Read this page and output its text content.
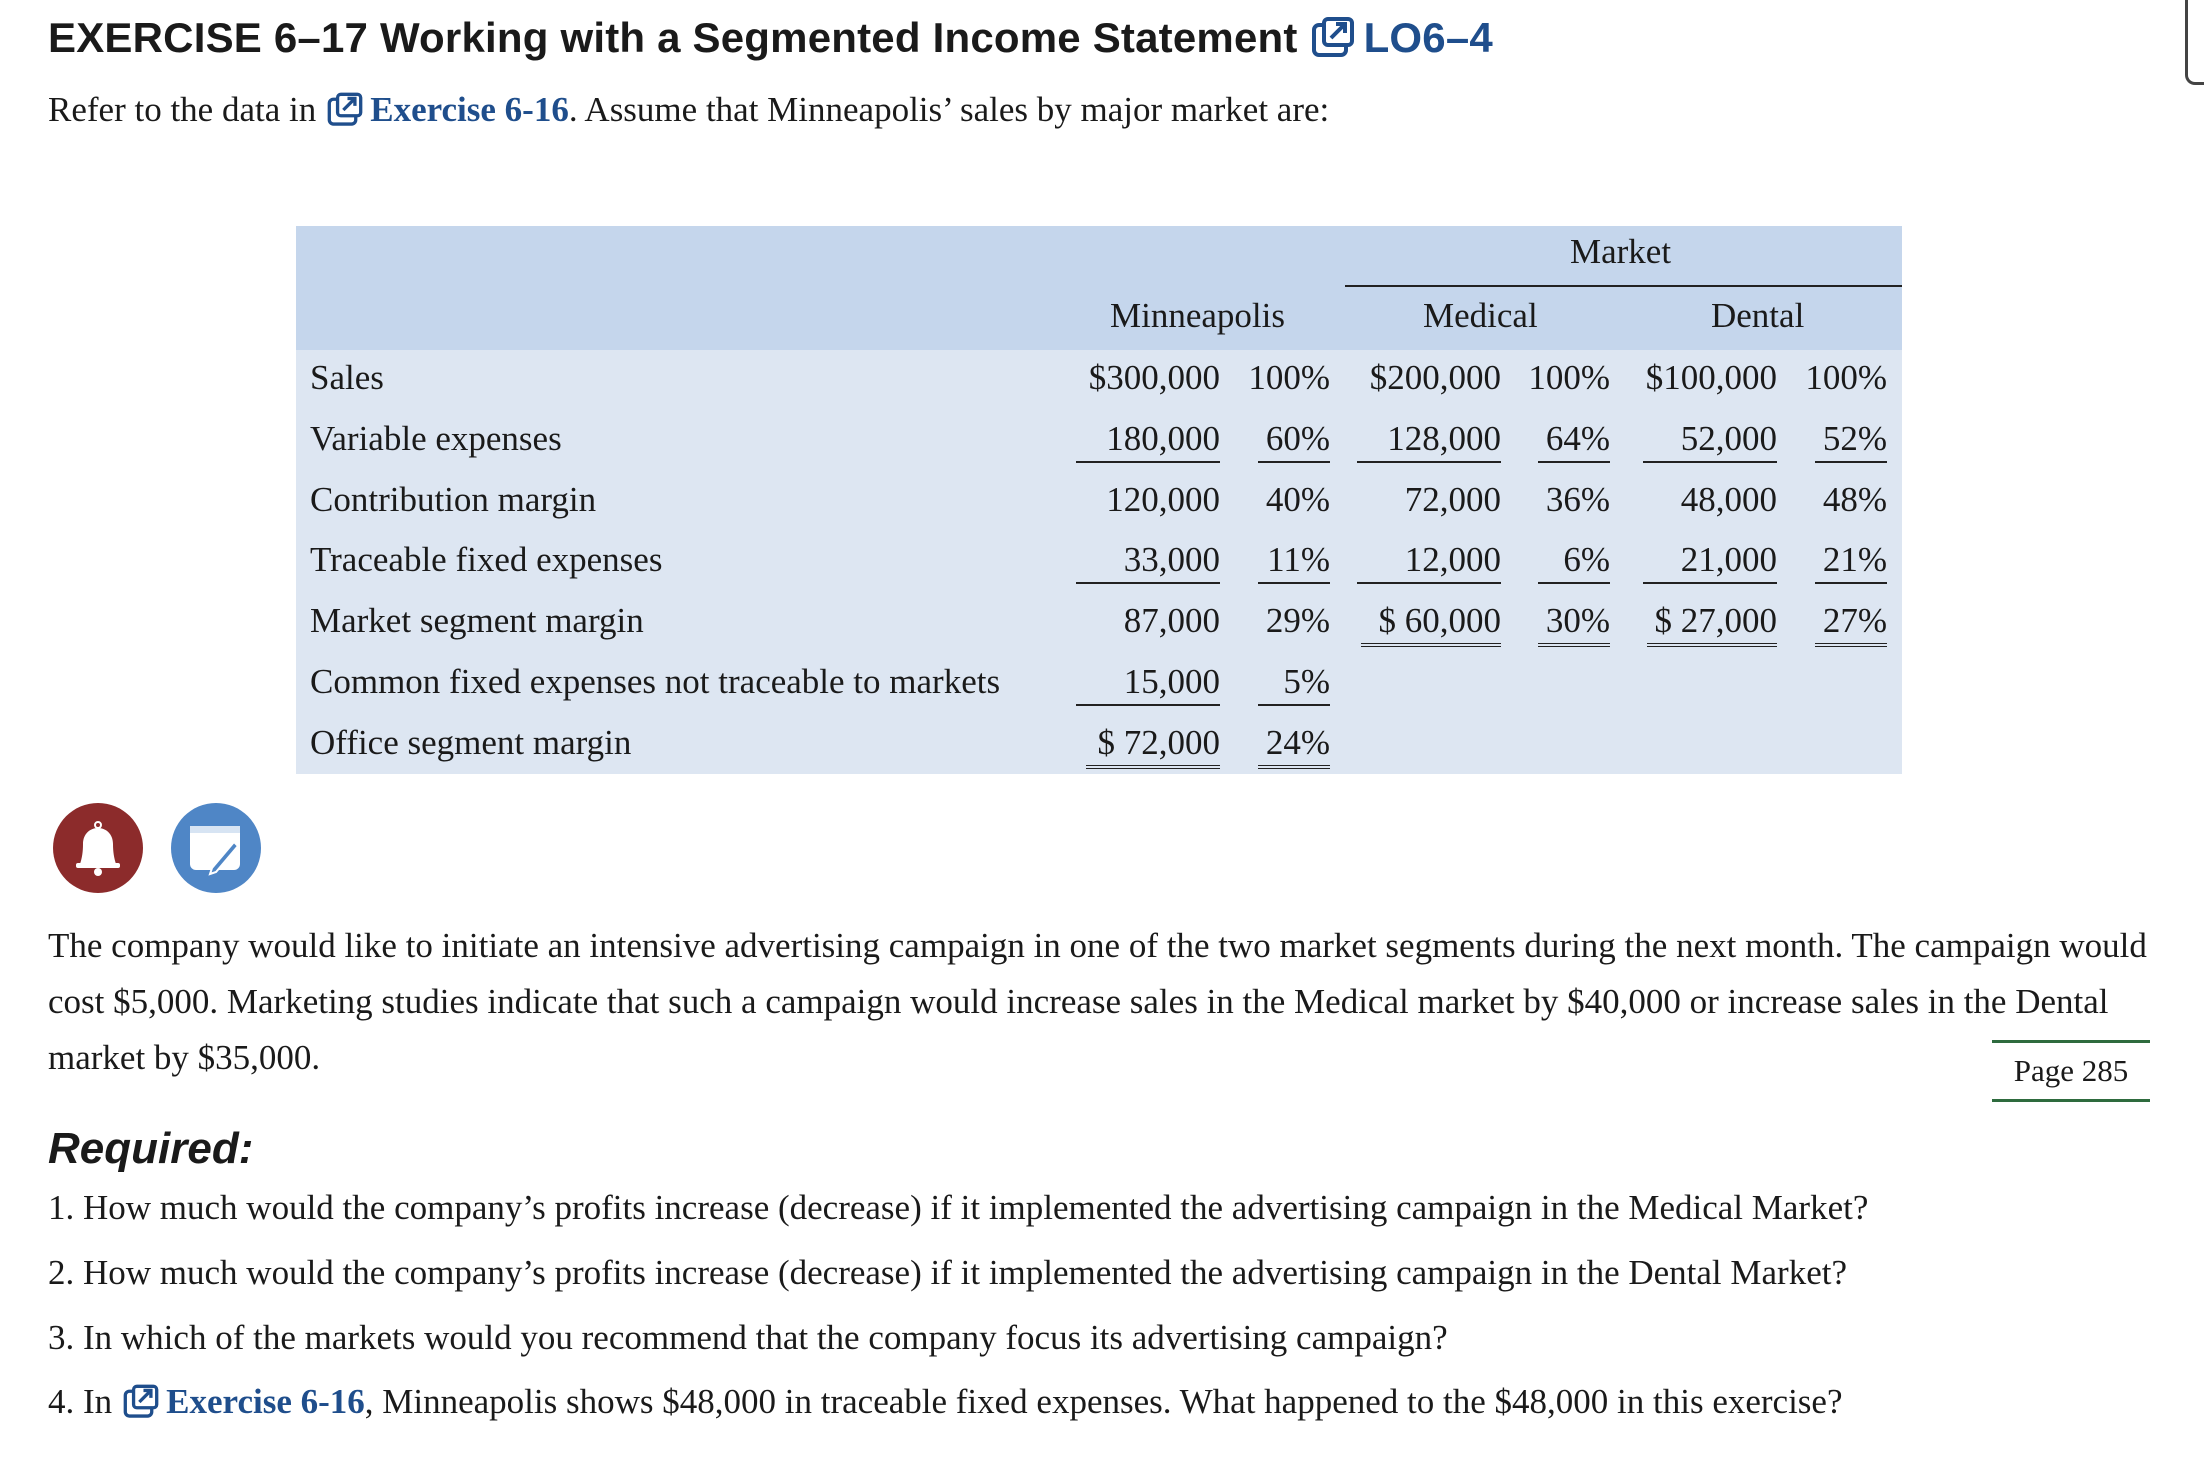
EXERCISE 6–17 Working with a Segmented Income Statement LO6–4
Refer to the data in Exercise 6-16 . Assume that Minneapolis’ sales by major market are:
Market
Minneapolis	Medical	Dental
Sales	$300,000 100% $200,000 100% $100,000 100%
Variable expenses	180,000 60%	128,000 64%	52,000 52%
Contribution margin	120,000 40% 72,000 36% 48,000 48%
Traceable fixed expenses	33,000 11%	12,000	6%	21,000 21%
Market segment margin	87,000 29%	$ 60,000 30% $ 27,000 27%
Common fixed expenses not traceable to markets	15,000	5%
Office segment margin	$ 72,000 24%
The company would like to initiate an intensive advertising campaign in one of the two market segments during the next month. The campaign would cost $5,000. Marketing studies indicate that such a campaign would increase sales in the Medical market by $40,000 or increase sales in the Dental market by $35,000.	Page 285
Required:
1. How much would the company’s profits increase (decrease) if it implemented the advertising campaign in the Medical Market?
2. How much would the company’s profits increase (decrease) if it implemented the advertising campaign in the Dental Market?
3. In which of the markets would you recommend that the company focus its advertising campaign?
4. In Exercise 6-16 , Minneapolis shows $48,000 in traceable fixed expenses. What happened to the $48,000 in this exercise?
